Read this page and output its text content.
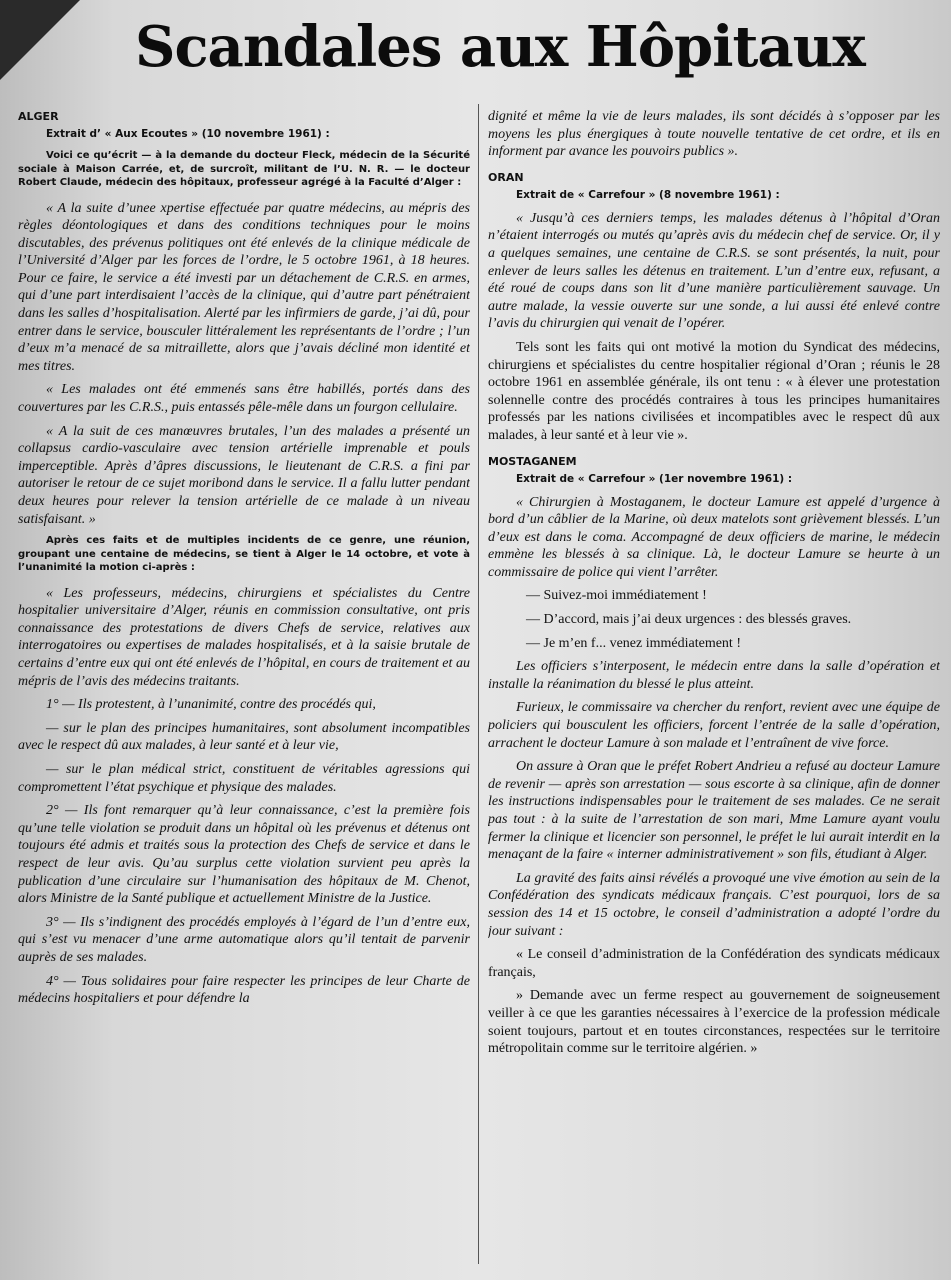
Scandales aux Hôpitaux
ALGER
Extrait d’ « Aux Ecoutes » (10 novembre 1961) :
Voici ce qu’écrit — à la demande du docteur Fleck, médecin de la Sécurité sociale à Maison Carrée, et, de surcroît, militant de l’U. N. R. — le docteur Robert Claude, médecin des hôpitaux, professeur agrégé à la Faculté d’Alger :

« A la suite d’unee xpertise effectuée par quatre médecins, au mépris des règles déontologiques et dans des conditions techniques pour le moins discutables, des prévenus politiques ont été enlevés de la clinique médicale de l’Université d’Alger par les forces de l’ordre, le 5 octobre 1961, à 18 heures. Pour ce faire, le service a été investi par un détachement de C.R.S. en armes, qui d’une part interdisaient l’accès de la clinique, qui d’autre part pénétraient dans les salles d’hospitalisation. Alerté par les infirmiers de garde, j’ai dû, pour entrer dans le service, bousculer littéralement les représentants de l’ordre ; l’un d’eux m’a menacé de sa mitraillette, alors que j’avais décliné mon identité et mes titres.

« Les malades ont été emmenés sans être habillés, portés dans des couvertures par les C.R.S., puis entassés pêle-mêle dans un fourgon cellulaire.

« A la suit de ces manœuvres brutales, l’un des malades a présenté un collapsus cardio-vasculaire avec tension artérielle imprenable et pouls imperceptible. Après d’âpres discussions, le lieutenant de C.R.S. a fini par autoriser le retour de ce sujet moribond dans le service. Il a fallu lutter pendant deux heures pour relever la tension artérielle de ce malade à un niveau satisfaisant. »

Après ces faits et de multiples incidents de ce genre, une réunion, groupant une centaine de médecins, se tient à Alger le 14 octobre, et vote à l’unanimité la motion ci-après :

« Les professeurs, médecins, chirurgiens et spécialistes du Centre hospitalier universitaire d’Alger, réunis en commission consultative, ont pris connaissance des protestations de divers Chefs de service, relatives aux interrogatoires ou expertises de malades hospitalisés, et à la saisie brutale de certains d’entre eux qui ont été enlevés de l’hôpital, en cours de traitement et au mépris de l’avis des médecins traitants.

1° — Ils protestent, à l’unanimité, contre des procédés qui,

— sur le plan des principes humanitaires, sont absolument incompatibles avec le respect dû aux malades, à leur santé et à leur vie,

— sur le plan médical strict, constituent de véritables agressions qui compromettent l’état psychique et physique des malades.

2° — Ils font remarquer qu’à leur connaissance, c’est la première fois qu’une telle violation se produit dans un hôpital où les prévenus et détenus ont toujours été admis et traités sous la protection des Chefs de service et dans le respect de leur avis. Qu’au surplus cette violation survient peu après la publication d’une circulaire sur l’humanisation des hôpitaux de M. Chenot, alors Ministre de la Santé publique et actuellement Ministre de la Justice.

3° — Ils s’indignent des procédés employés à l’égard de l’un d’entre eux, qui s’est vu menacer d’une arme automatique alors qu’il tentait de parvenir auprès de ses malades.

4° — Tous solidaires pour faire respecter les principes de leur Charte de médecins hospitaliers et pour défendre la

dignité et même la vie de leurs malades, ils sont décidés à s’opposer par les moyens les plus énergiques à toute nouvelle tentative de cet ordre, et ils en informent par avance les pouvoirs publics ».

ORAN
Extrait de « Carrefour » (8 novembre 1961) :

« Jusqu’à ces derniers temps, les malades détenus à l’hôpital d’Oran n’étaient interrogés ou mutés qu’après avis du médecin chef de service. Or, il y a quelques semaines, une centaine de C.R.S. se sont présentés, la nuit, pour enlever de leurs salles les détenus en traitement. L’un d’entre eux, refusant, a été roué de coups dans son lit d’une manière particulièrement sauvage. Un autre malade, la vessie ouverte sur une sonde, a lui aussi été enlevé contre l’avis du chirurgien qui venait de l’opérer.

Tels sont les faits qui ont motivé la motion du Syndicat des médecins, chirurgiens et spécialistes du centre hospitalier régional d’Oran ; réunis le 28 octobre 1961 en assemblée générale, ils ont tenu : « à élever une protestation solennelle contre des procédés contraires à tous les principes humanitaires professés par les nations civilisées et incompatibles avec le respect dû aux malades, à leur santé et à leur vie ».

MOSTAGANEM
Extrait de « Carrefour » (1er novembre 1961) :

« Chirurgien à Mostaganem, le docteur Lamure est appelé d’urgence à bord d’un câblier de la Marine, où deux matelots sont grièvement blessés. L’un d’eux est dans le coma. Accompagné de deux officiers de marine, le médecin emmène les blessés à sa clinique. Là, le docteur Lamure se heurte à un commissaire de police qui vient l’arrêter.

— Suivez-moi immédiatement !

— D’accord, mais j’ai deux urgences : des blessés graves.

— Je m’en f... venez immédiatement !

Les officiers s’interposent, le médecin entre dans la salle d’opération et installe la réanimation du blessé le plus atteint.

Furieux, le commissaire va chercher du renfort, revient avec une équipe de policiers qui bousculent les officiers, forcent l’entrée de la salle d’opération, arrachent le docteur Lamure à son malade et l’entraînent de vive force.

On assure à Oran que le préfet Robert Andrieu a refusé au docteur Lamure de revenir — après son arrestation — sous escorte à sa clinique, afin de donner les instructions indispensables pour le traitement de ses malades. Ce ne serait pas tout : à la suite de l’arrestation de son mari, Mme Lamure ayant voulu fermer la clinique et licencier son personnel, le préfet le lui aurait interdit en la menaçant de la faire « interner administrativement » son fils, étudiant à Alger.

La gravité des faits ainsi révélés a provoqué une vive émotion au sein de la Confédération des syndicats médicaux français. C’est pourquoi, lors de sa session des 14 et 15 octobre, le conseil d’administration a adopté l’ordre du jour suivant :

« Le conseil d’administration de la Confédération des syndicats médicaux français,

» Demande avec un ferme respect au gouvernement de soigneusement veiller à ce que les garanties nécessaires à l’exercice de la profession médicale soient toujours, partout et en toutes circonstances, respectées sur le territoire métropolitain comme sur le territoire algérien. »
